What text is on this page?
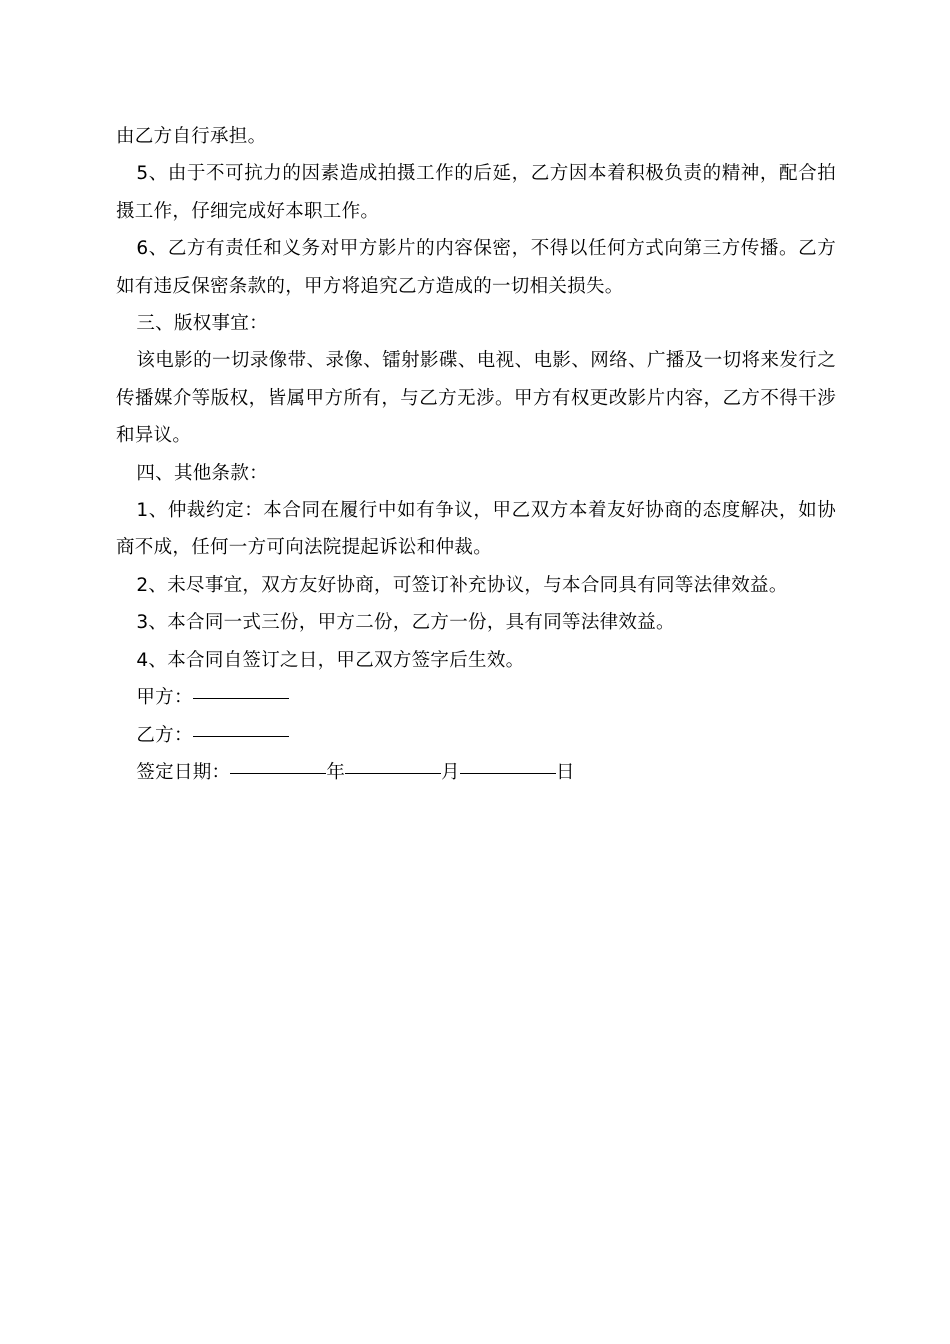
由乙方自行承担。

5、由于不可抗力的因素造成拍摄工作的后延，乙方因本着积极负责的精神，配合拍摄工作，仔细完成好本职工作。

6、乙方有责任和义务对甲方影片的内容保密，不得以任何方式向第三方传播。乙方如有违反保密条款的，甲方将追究乙方造成的一切相关损失。

三、版权事宜：

该电影的一切录像带、录像、镭射影碟、电视、电影、网络、广播及一切将来发行之传播媒介等版权，皆属甲方所有，与乙方无涉。甲方有权更改影片内容，乙方不得干涉和异议。

四、其他条款：

1、仲裁约定：本合同在履行中如有争议，甲乙双方本着友好协商的态度解决，如协商不成，任何一方可向法院提起诉讼和仲裁。

2、未尽事宜，双方友好协商，可签订补充协议，与本合同具有同等法律效益。

3、本合同一式三份，甲方二份，乙方一份，具有同等法律效益。

4、本合同自签订之日，甲乙双方签字后生效。

甲方：

乙方：

签定日期：	年	月	日
